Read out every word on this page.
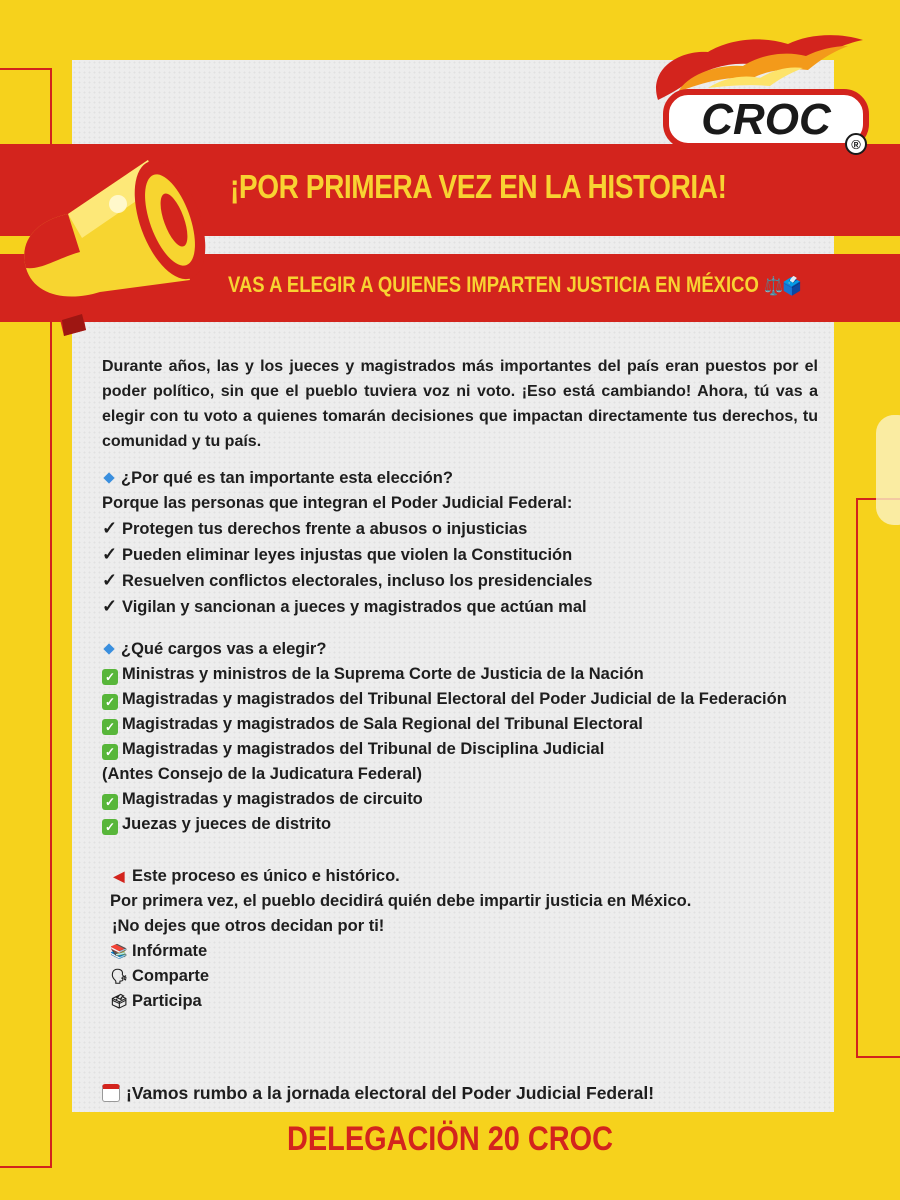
CROC
®
¡POR PRIMERA VEZ EN LA HISTORIA!
VAS A ELEGIR A QUIENES IMPARTEN JUSTICIA EN MÉXICO ⚖️🗳️
Durante años, las y los jueces y magistrados más importantes del país eran puestos por el poder político, sin que el pueblo tuviera voz ni voto. ¡Eso está cambiando! Ahora, tú vas a elegir con tu voto a quienes tomarán decisiones que impactan directamente tus derechos, tu comunidad y tu país.
¿Por qué es tan importante esta elección?
Porque las personas que integran el Poder Judicial Federal:
✓ Protegen tus derechos frente a abusos o injusticias
✓ Pueden eliminar leyes injustas que violen la Constitución
✓ Resuelven conflictos electorales, incluso los presidenciales
✓ Vigilan y sancionan a jueces y magistrados que actúan mal
¿Qué cargos vas a elegir?
✓ Ministras y ministros de la Suprema Corte de Justicia de la Nación
✓ Magistradas y magistrados del Tribunal Electoral del Poder Judicial de la Federación
✓ Magistradas y magistrados de Sala Regional del Tribunal Electoral
✓ Magistradas y magistrados del Tribunal de Disciplina Judicial
(Antes Consejo de la Judicatura Federal)
✓ Magistradas y magistrados de circuito
✓ Juezas y jueces de distrito
◀ Este proceso es único e histórico.
Por primera vez, el pueblo decidirá quién debe impartir justicia en México.
¡No dejes que otros decidan por ti!
📚 Infórmate
🗣 Comparte
🗳 Participa
¡Vamos rumbo a la jornada electoral del Poder Judicial Federal!
DELEGACIÖN 20 CROC
